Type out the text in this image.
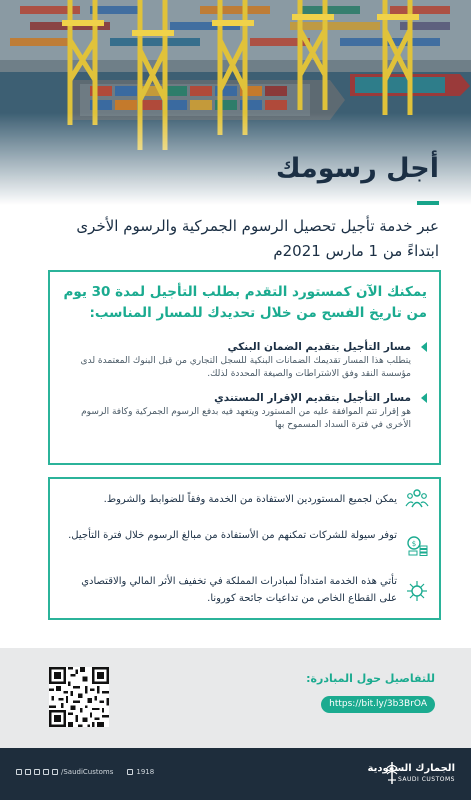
أجل رسومك
عبر خدمة تأجيل تحصيل الرسوم الجمركية والرسوم الأخرى
ابتداءً من 1 مارس 2021م
يمكنك الآن كمستورد التقدم بطلب التأجيل لمدة 30 يوم من تاريخ الفسح من خلال تحديدك للمسار المناسب:
مسار التأجيل بتقديم الضمان البنكي
يتطلب هذا المسار تقديمك الضمانات البنكية للسجل التجاري من قبل البنوك المعتمدة لدى مؤسسة النقد وفق الاشتراطات والصيغة المحددة لذلك.
مسار التأجيل بتقديم الإقرار المستندي
هو إقرار تتم الموافقة عليه من المستورد ويتعهد فيه بدفع الرسوم الجمركية وكافة الرسوم الأخرى في فترة السداد المسموح بها
يمكن لجميع المستوردين الاستفادة من الخدمة وفقاً للضوابط والشروط.
$
توفر سيولة للشركات تمكنهم من الأستفادة من مبالغ الرسوم خلال فترة التأجيل.
تأتي هذه الخدمة امتداداً لمبادرات المملكة في تخفيف الأثر المالي والاقتصادي على القطاع الخاص من تداعيات جائحة كورونا.
للتفاصيل حول المبادرة:
https://bit.ly/3b3BrOA
الجمارك السعودية
SAUDI CUSTOMS
/SaudiCustoms	1918
